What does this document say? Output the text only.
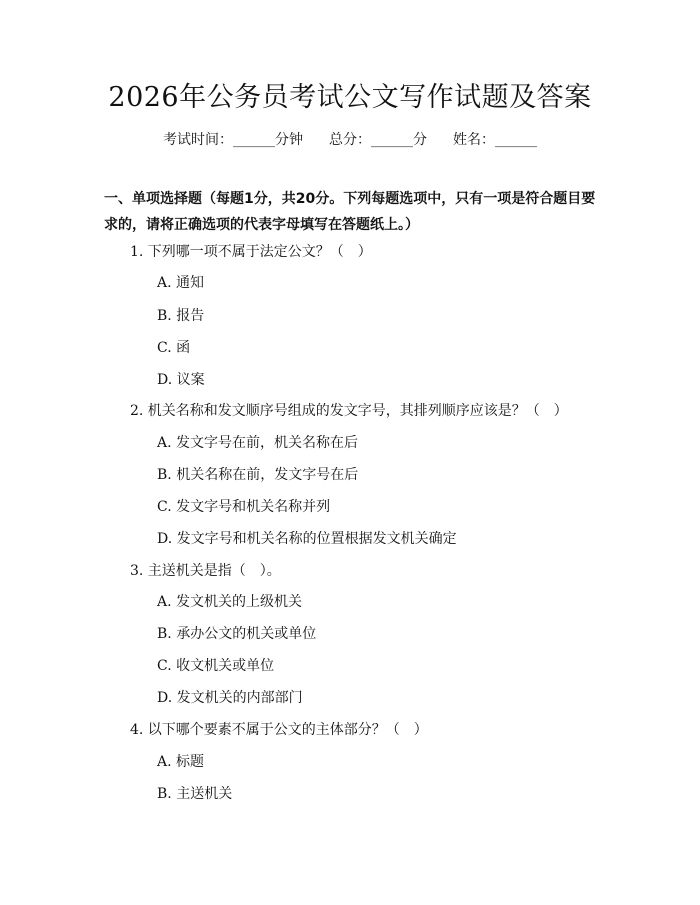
2026年公务员考试公文写作试题及答案
考试时间：______分钟 总分：______分 姓名：______
一、单项选择题（每题1分，共20分。下列每题选项中，只有一项是符合题目要求的，请将正确选项的代表字母填写在答题纸上。）
1. 下列哪一项不属于法定公文？（　）
A. 通知
B. 报告
C. 函
D. 议案
2. 机关名称和发文顺序号组成的发文字号，其排列顺序应该是？（　）
A. 发文字号在前，机关名称在后
B. 机关名称在前，发文字号在后
C. 发文字号和机关名称并列
D. 发文字号和机关名称的位置根据发文机关确定
3. 主送机关是指（　）。
A. 发文机关的上级机关
B. 承办公文的机关或单位
C. 收文机关或单位
D. 发文机关的内部部门
4. 以下哪个要素不属于公文的主体部分？（　）
A. 标题
B. 主送机关
